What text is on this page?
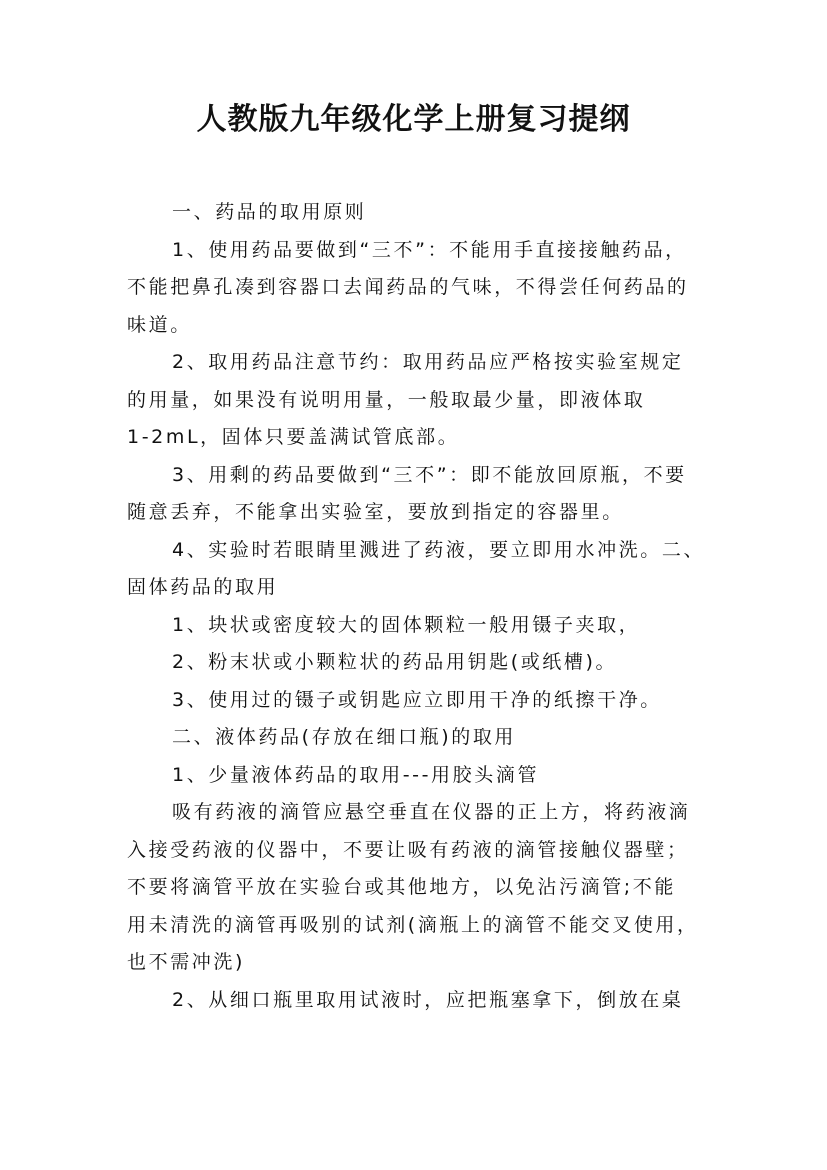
人教版九年级化学上册复习提纲
一、药品的取用原则
1、使用药品要做到“三不”：不能用手直接接触药品，
不能把鼻孔凑到容器口去闻药品的气味，不得尝任何药品的
味道。
2、取用药品注意节约：取用药品应严格按实验室规定
的用量，如果没有说明用量，一般取最少量，即液体取
1-2mL，固体只要盖满试管底部。
3、用剩的药品要做到“三不”：即不能放回原瓶，不要
随意丢弃，不能拿出实验室，要放到指定的容器里。
4、实验时若眼睛里溅进了药液，要立即用水冲洗。二、
固体药品的取用
1、块状或密度较大的固体颗粒一般用镊子夹取，
2、粉末状或小颗粒状的药品用钥匙(或纸槽)。
3、使用过的镊子或钥匙应立即用干净的纸擦干净。
二、液体药品(存放在细口瓶)的取用
1、少量液体药品的取用---用胶头滴管
吸有药液的滴管应悬空垂直在仪器的正上方，将药液滴
入接受药液的仪器中，不要让吸有药液的滴管接触仪器壁；
不要将滴管平放在实验台或其他地方，以免沾污滴管;不能
用未清洗的滴管再吸别的试剂(滴瓶上的滴管不能交叉使用，
也不需冲洗)
2、从细口瓶里取用试液时，应把瓶塞拿下，倒放在桌
